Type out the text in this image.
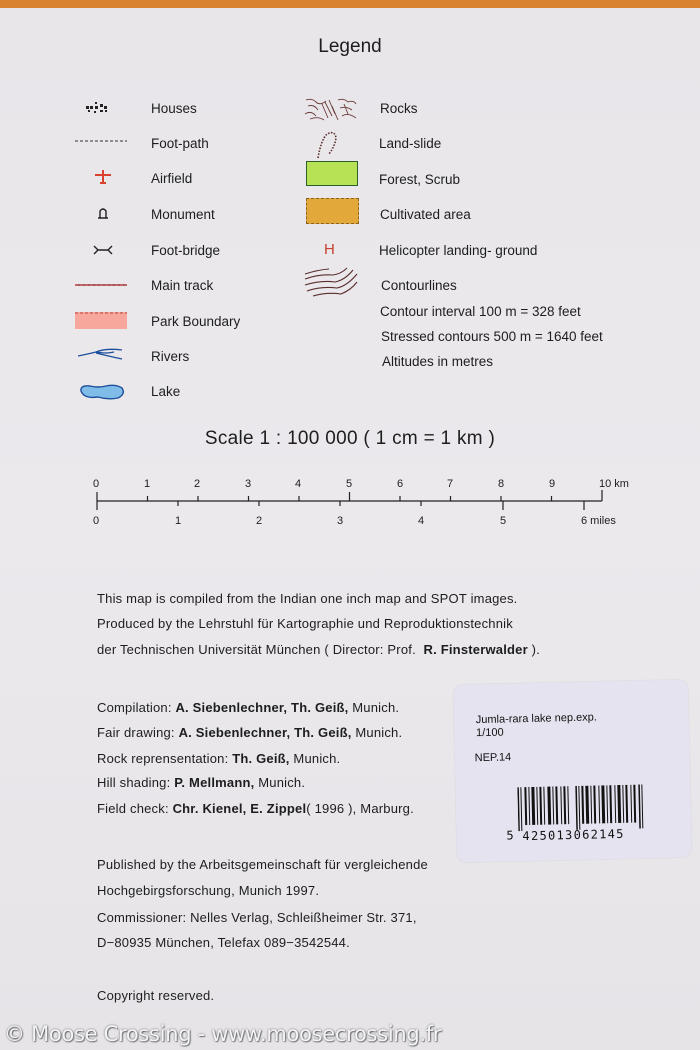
Legend
Houses
Foot-path
Airfield
Monument
Foot-bridge
Main track
Park Boundary
Rivers
Lake
H
Rocks
Land-slide
Forest, Scrub
Cultivated area
Helicopter landing- ground
Contourlines
Contour interval 100 m = 328 feet
Stressed contours 500 m = 1640 feet
Altitudes in metres
Scale 1 : 100 000 ( 1 cm = 1 km )
0	1	2	3	4	5	6	7	8	9	10 km
0	1	2	3	4	5	6 miles
This map is compiled from the Indian one inch map and SPOT images.
Produced by the Lehrstuhl für Kartographie und Reproduktionstechnik
der Technischen Universität München ( Director: Prof. R. Finsterwalder ).
Compilation: A. Siebenlechner, Th. Geiß, Munich.
Fair drawing: A. Siebenlechner, Th. Geiß, Munich.
Rock reprensentation: Th. Geiß, Munich.
Hill shading: P. Mellmann, Munich.
Field check: Chr. Kienel, E. Zippel( 1996 ), Marburg.
Published by the Arbeitsgemeinschaft für vergleichende
Hochgebirgsforschung, Munich 1997.
Commissioner: Nelles Verlag, Schleißheimer Str. 371,
D−80935 München, Telefax 089−3542544.
Copyright reserved.
Jumla-rara lake nep.exp.
1/100
NEP.14
5 425013062145
© Moose Crossing - www.moosecrossing.fr
